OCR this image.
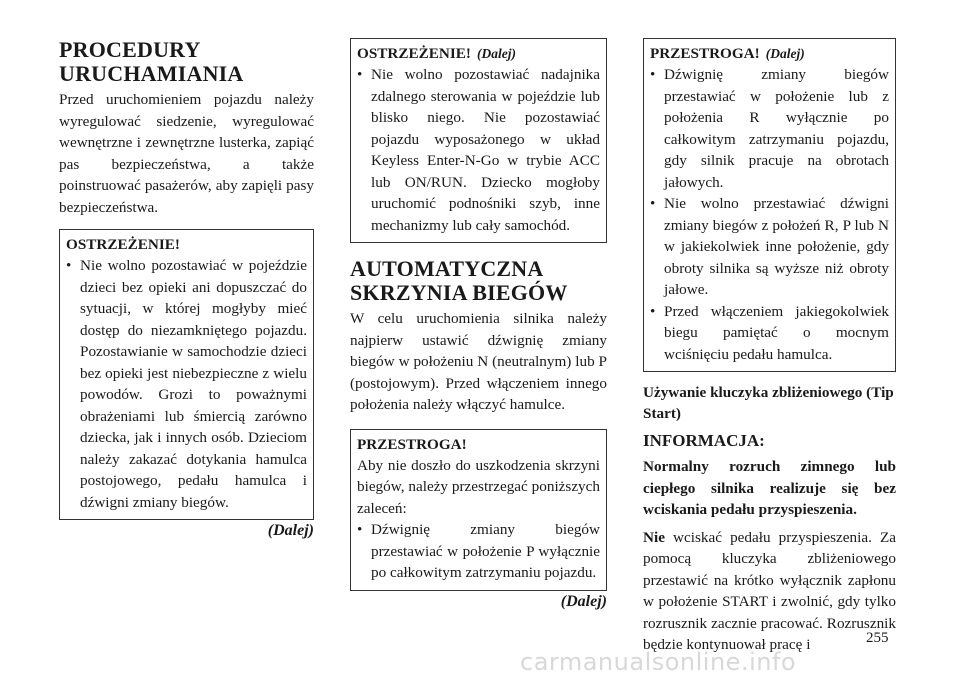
PROCEDURY URUCHAMIANIA

Przed uruchomieniem pojazdu należy wyregulować siedzenie, wyregulować wewnętrzne i zewnętrzne lusterka, zapiąć pas bezpieczeństwa, a także poinstruować pasażerów, aby zapięli pasy bezpieczeństwa.

OSTRZEŻENIE!
• Nie wolno pozostawiać w pojeździe dzieci bez opieki ani dopuszczać do sytuacji, w której mogłyby mieć dostęp do niezamkniętego pojazdu. Pozostawianie w samochodzie dzieci bez opieki jest niebezpieczne z wielu powodów. Grozi to poważnymi obrażeniami lub śmiercią zarówno dziecka, jak i innych osób. Dzieciom należy zakazać dotykania hamulca postojowego, pedału hamulca i dźwigni zmiany biegów.
(Dalej)
OSTRZEŻENIE! (Dalej)
• Nie wolno pozostawiać nadajnika zdalnego sterowania w pojeździe lub blisko niego. Nie pozostawiać pojazdu wyposażonego w układ Keyless Enter-N-Go w trybie ACC lub ON/RUN. Dziecko mogłoby uruchomić podnośniki szyb, inne mechanizmy lub cały samochód.
AUTOMATYCZNA SKRZYNIA BIEGÓW

W celu uruchomienia silnika należy najpierw ustawić dźwignię zmiany biegów w położeniu N (neutralnym) lub P (postojowym). Przed włączeniem innego położenia należy włączyć hamulce.

PRZESTROGA!

Aby nie doszło do uszkodzenia skrzyni biegów, należy przestrzegać poniższych zaleceń:

• Dźwignię zmiany biegów przestawiać w położenie P wyłącznie po całkowitym zatrzymaniu pojazdu.
(Dalej)
PRZESTROGA! (Dalej)
• Dźwignię zmiany biegów przestawiać w położenie lub z położenia R wyłącznie po całkowitym zatrzymaniu pojazdu, gdy silnik pracuje na obrotach jałowych.
• Nie wolno przestawiać dźwigni zmiany biegów z położeń R, P lub N w jakiekolwiek inne położenie, gdy obroty silnika są wyższe niż obroty jałowe.
• Przed włączeniem jakiegokolwiek biegu pamiętać o mocnym wciśnięciu pedału hamulca.

Używanie kluczyka zbliżeniowego (Tip Start)

INFORMACJA:

Normalny rozruch zimnego lub ciepłego silnika realizuje się bez wciskania pedału przyspieszenia.

Nie wciskać pedału przyspieszenia. Za pomocą kluczyka zbliżeniowego przestawić na krótko wyłącznik zapłonu w położenie START i zwolnić, gdy tylko rozrusznik zacznie pracować. Rozrusznik będzie kontynuował pracę i	255
carmanualsonline.info
